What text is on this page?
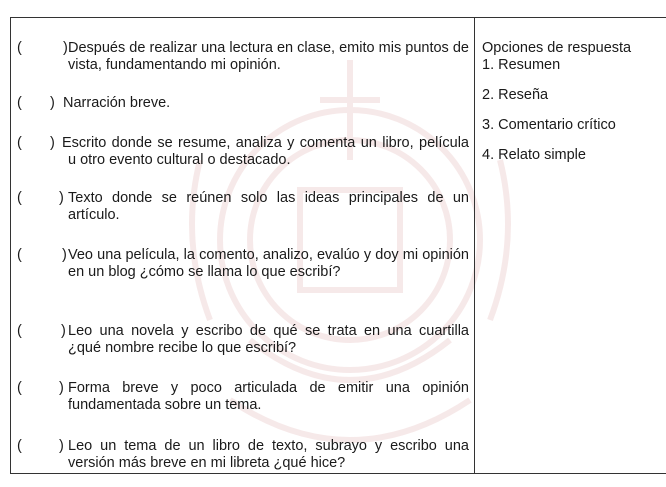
(	) Después de realizar una lectura en clase, emito mis puntos de vista, fundamentando mi opinión.
( ) Narración breve.
( ) Escrito donde se resume, analiza y comenta un libro, película u otro evento cultural o destacado.
(	) Texto donde se reúnen solo las ideas principales de un artículo.
(	) Veo una película, la comento, analizo, evalúo y doy mi opinión en un blog ¿cómo se llama lo que escribí?
(	) Leo una novela y escribo de qué se trata en una cuartilla ¿qué nombre recibe lo que escribí?
(	) Forma breve y poco articulada de emitir una opinión fundamentada sobre un tema.
(	) Leo un tema de un libro de texto, subrayo y escribo una versión más breve en mi libreta ¿qué hice?

Opciones de respuesta

1. Resumen

2. Reseña

3. Comentario crítico

4. Relato simple
